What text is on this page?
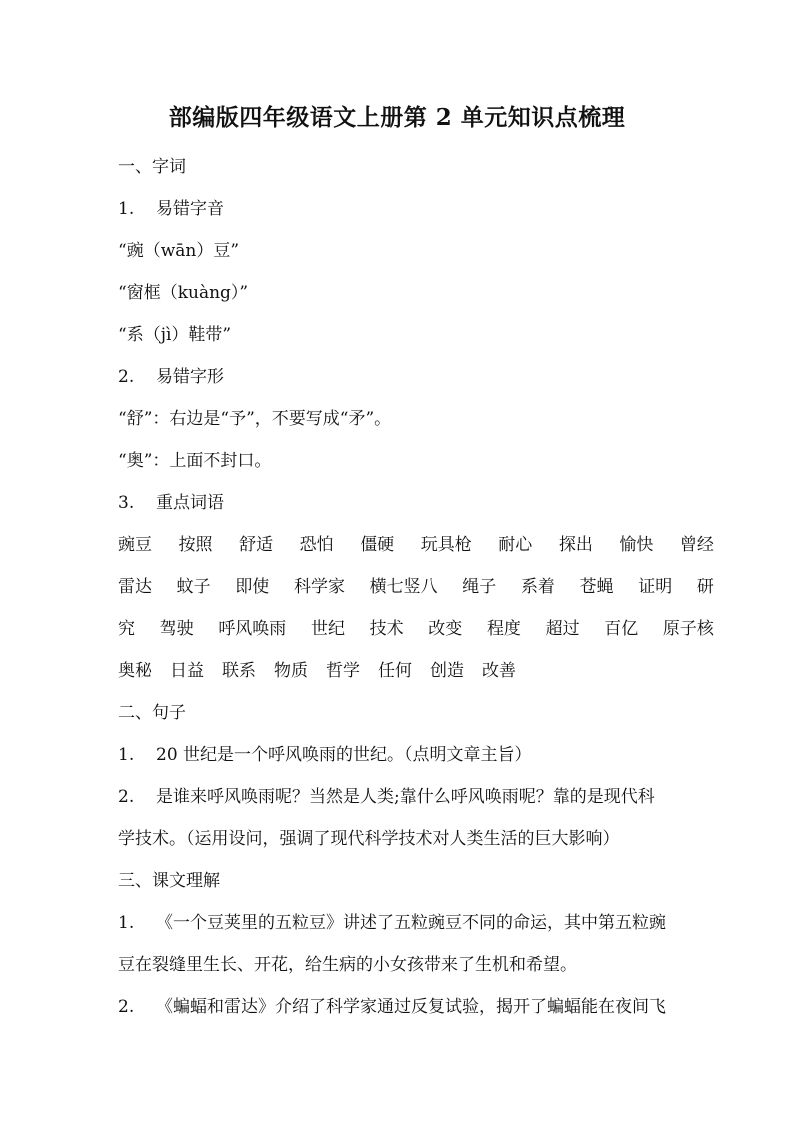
部编版四年级语文上册第 2 单元知识点梳理
一、字词
1. 易错字音
“豌（wān）豆”
“窗框（kuàng）”
“系（jì）鞋带”
2. 易错字形
“舒”：右边是“予”，不要写成“矛”。
“奥”：上面不封口。
3. 重点词语
豌豆 按照 舒适 恐怕 僵硬 玩具枪 耐心 探出 愉快 曾经
雷达 蚊子 即使 科学家 横七竖八 绳子 系着 苍蝇 证明 研
究 驾驶 呼风唤雨 世纪 技术 改变 程度 超过 百亿 原子核
奥秘 日益 联系 物质 哲学 任何 创造 改善
二、句子
1. 20 世纪是一个呼风唤雨的世纪。（点明文章主旨）
2. 是谁来呼风唤雨呢？当然是人类;靠什么呼风唤雨呢？靠的是现代科
学技术。（运用设问，强调了现代科学技术对人类生活的巨大影响）
三、课文理解
1. 《一个豆荚里的五粒豆》讲述了五粒豌豆不同的命运，其中第五粒豌
豆在裂缝里生长、开花，给生病的小女孩带来了生机和希望。
2. 《蝙蝠和雷达》介绍了科学家通过反复试验，揭开了蝙蝠能在夜间飞
